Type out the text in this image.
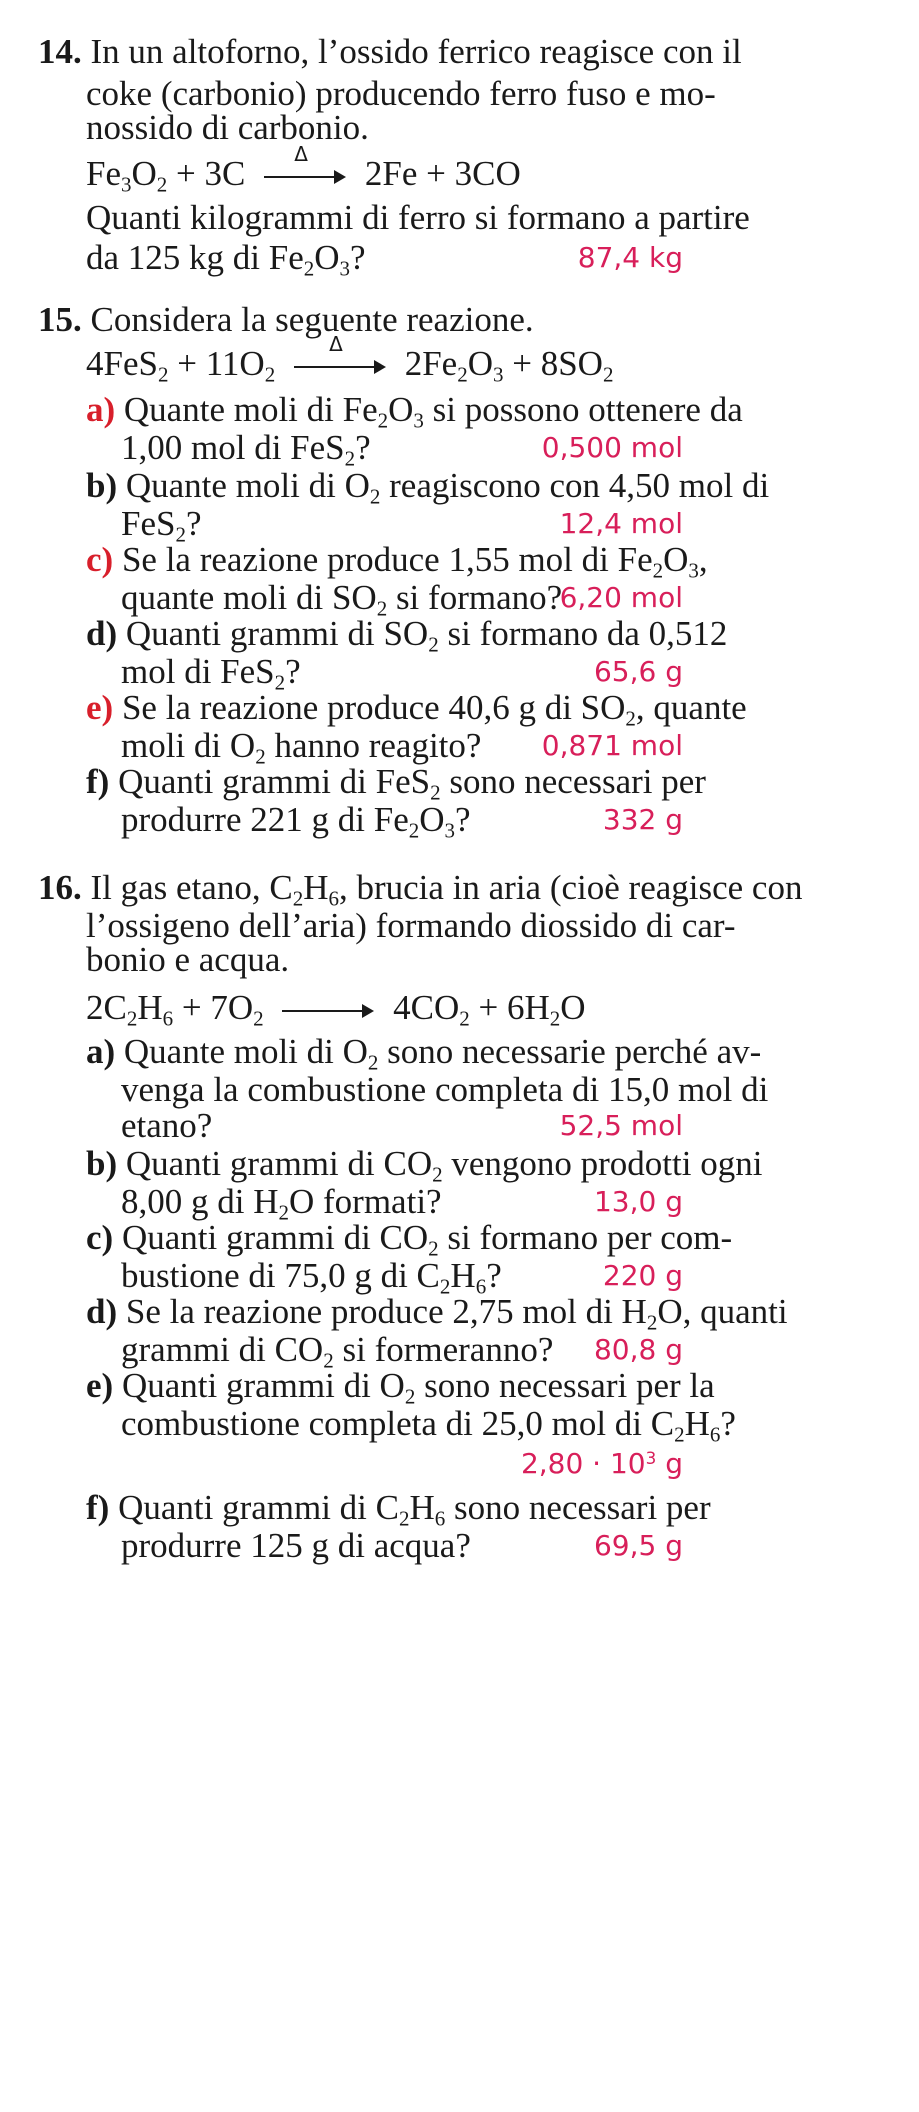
14. In un altoforno, l’ossido ferrico reagisce con il
coke (carbonio) producendo ferro fuso e mo-
nossido di carbonio.
$Fe_3O_2 + 3C$
Δ
2Fe + 3CO
Quanti kilogrammi di ferro si formano a partire
da 125 kg di $Fe_2O_3$?	87,4 kg
15. Considera la seguente reazione.
$4FeS_2 + 11O_2$
Δ
$2Fe_2O_3 + 8SO_2$
a) Quante moli di $Fe_2O_3$ si possono ottenere da
1,00 mol di FeS$_2$?	0,500 mol
b) Quante moli di $O_2$ reagiscono con 4,50 mol di
FeS$_2$?	12,4 mol
c) Se la reazione produce 1,55 mol di $Fe_2O_3$,
quante moli di $SO_2$ si formano?
6,20 mol
d) Quanti grammi di $SO_2$ si formano da 0,512
mol di FeS$_2$?	65,6 g
e) Se la reazione produce 40,6 g di $SO_2$, quante
moli di $O_2$ hanno reagito? 0,871 mol
f) Quanti grammi di FeS$_2$ sono necessari per
produrre 221 g di $Fe_2O_3$?	332 g
16. Il gas etano, $C_2H_6$, brucia in aria (cioè reagisce con
l’ossigeno dell’aria) formando diossido di car-
bonio e acqua.
$2C_2H_6 + 7O_2$	$4CO_2 + 6H_2O$
a) Quante moli di $O_2$ sono necessarie perché av-
venga la combustione completa di 15,0 mol di
etano?	52,5 mol
b) Quanti grammi di $CO_2$ vengono prodotti ogni
8,00 g di $H_2O$ formati?	13,0 g
c) Quanti grammi di $CO_2$ si formano per com-
bustione di 75,0 g di $C_2H_6$?	220 g
d) Se la reazione produce 2,75 mol di $H_2O$, quanti
grammi di $CO_2$ si formeranno? 80,8 g
e) Quanti grammi di $O_2$ sono necessari per la
combustione completa di 25,0 mol di $C_2H_6$?
$2,80 \cdot 10^3$ g
f) Quanti grammi di $C_2H_6$ sono necessari per
produrre 125 g di acqua?	69,5 g
